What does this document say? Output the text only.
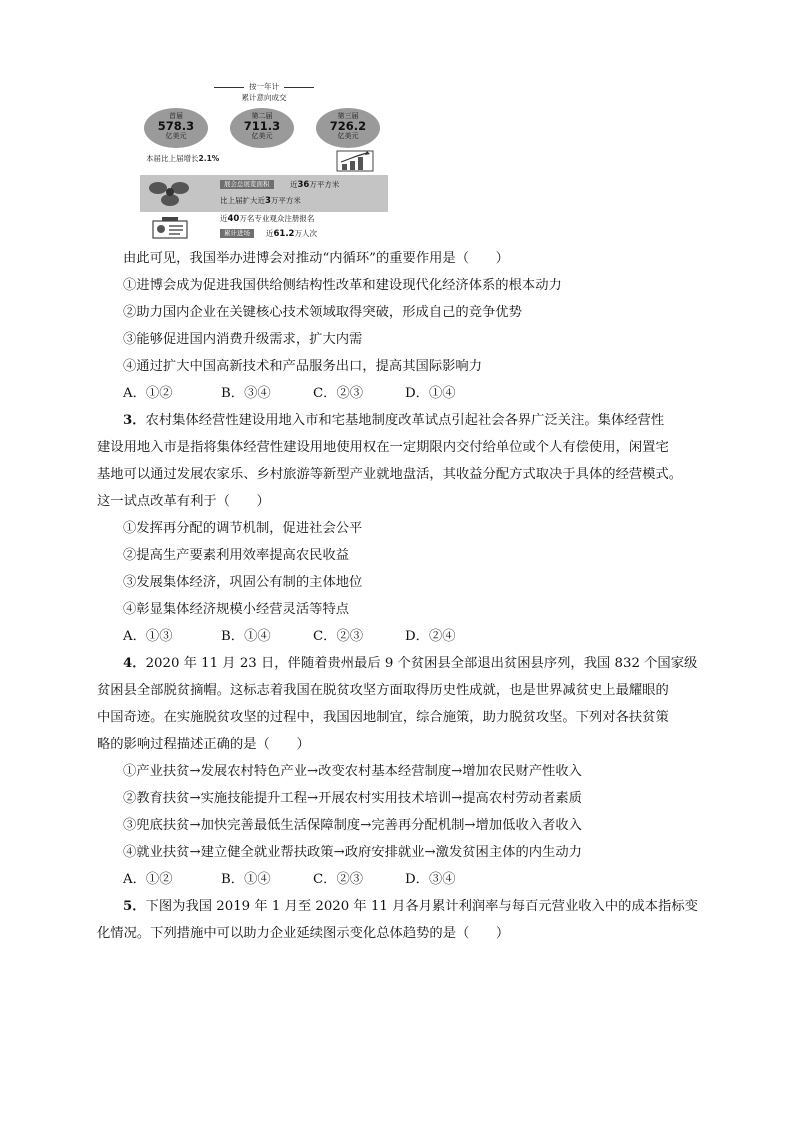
按一年计
累计意向成交
首届
578.3
亿美元
第二届
711.3
亿美元
第三届
726.2
亿美元
本届比上届增长2.1%
展会总展览面积	近36万平方米
比上届扩大近3万平方米
近40万名专业观众注册报名
累计进场	近61.2万人次
由此可见，我国举办进博会对推动“内循环”的重要作用是（　　）
①进博会成为促进我国供给侧结构性改革和建设现代化经济体系的根本动力
②助力国内企业在关键核心技术领域取得突破，形成自己的竞争优势
③能够促进国内消费升级需求，扩大内需
④通过扩大中国高新技术和产品服务出口，提高其国际影响力
A．①②	B．③④	C．②③	D．①④
3．农村集体经营性建设用地入市和宅基地制度改革试点引起社会各界广泛关注。集体经营性
建设用地入市是指将集体经营性建设用地使用权在一定期限内交付给单位或个人有偿使用，闲置宅
基地可以通过发展农家乐、乡村旅游等新型产业就地盘活，其收益分配方式取决于具体的经营模式。
这一试点改革有利于（　　）
①发挥再分配的调节机制，促进社会公平
②提高生产要素利用效率提高农民收益
③发展集体经济，巩固公有制的主体地位
④彰显集体经济规模小经营灵活等特点
A．①③	B．①④	C．②③	D．②④
4．2020 年 11 月 23 日，伴随着贵州最后 9 个贫困县全部退出贫困县序列，我国 832 个国家级
贫困县全部脱贫摘帽。这标志着我国在脱贫攻坚方面取得历史性成就，也是世界减贫史上最耀眼的
中国奇迹。在实施脱贫攻坚的过程中，我国因地制宜，综合施策，助力脱贫攻坚。下列对各扶贫策
略的影响过程描述正确的是（　　）
①产业扶贫→发展农村特色产业→改变农村基本经营制度→增加农民财产性收入
②教育扶贫→实施技能提升工程→开展农村实用技术培训→提高农村劳动者素质
③兜底扶贫→加快完善最低生活保障制度→完善再分配机制→增加低收入者收入
④就业扶贫→建立健全就业帮扶政策→政府安排就业→激发贫困主体的内生动力
A．①②	B．①④	C．②③	D．③④
5．下图为我国 2019 年 1 月至 2020 年 11 月各月累计利润率与每百元营业收入中的成本指标变
化情况。下列措施中可以助力企业延续图示变化总体趋势的是（　　）
